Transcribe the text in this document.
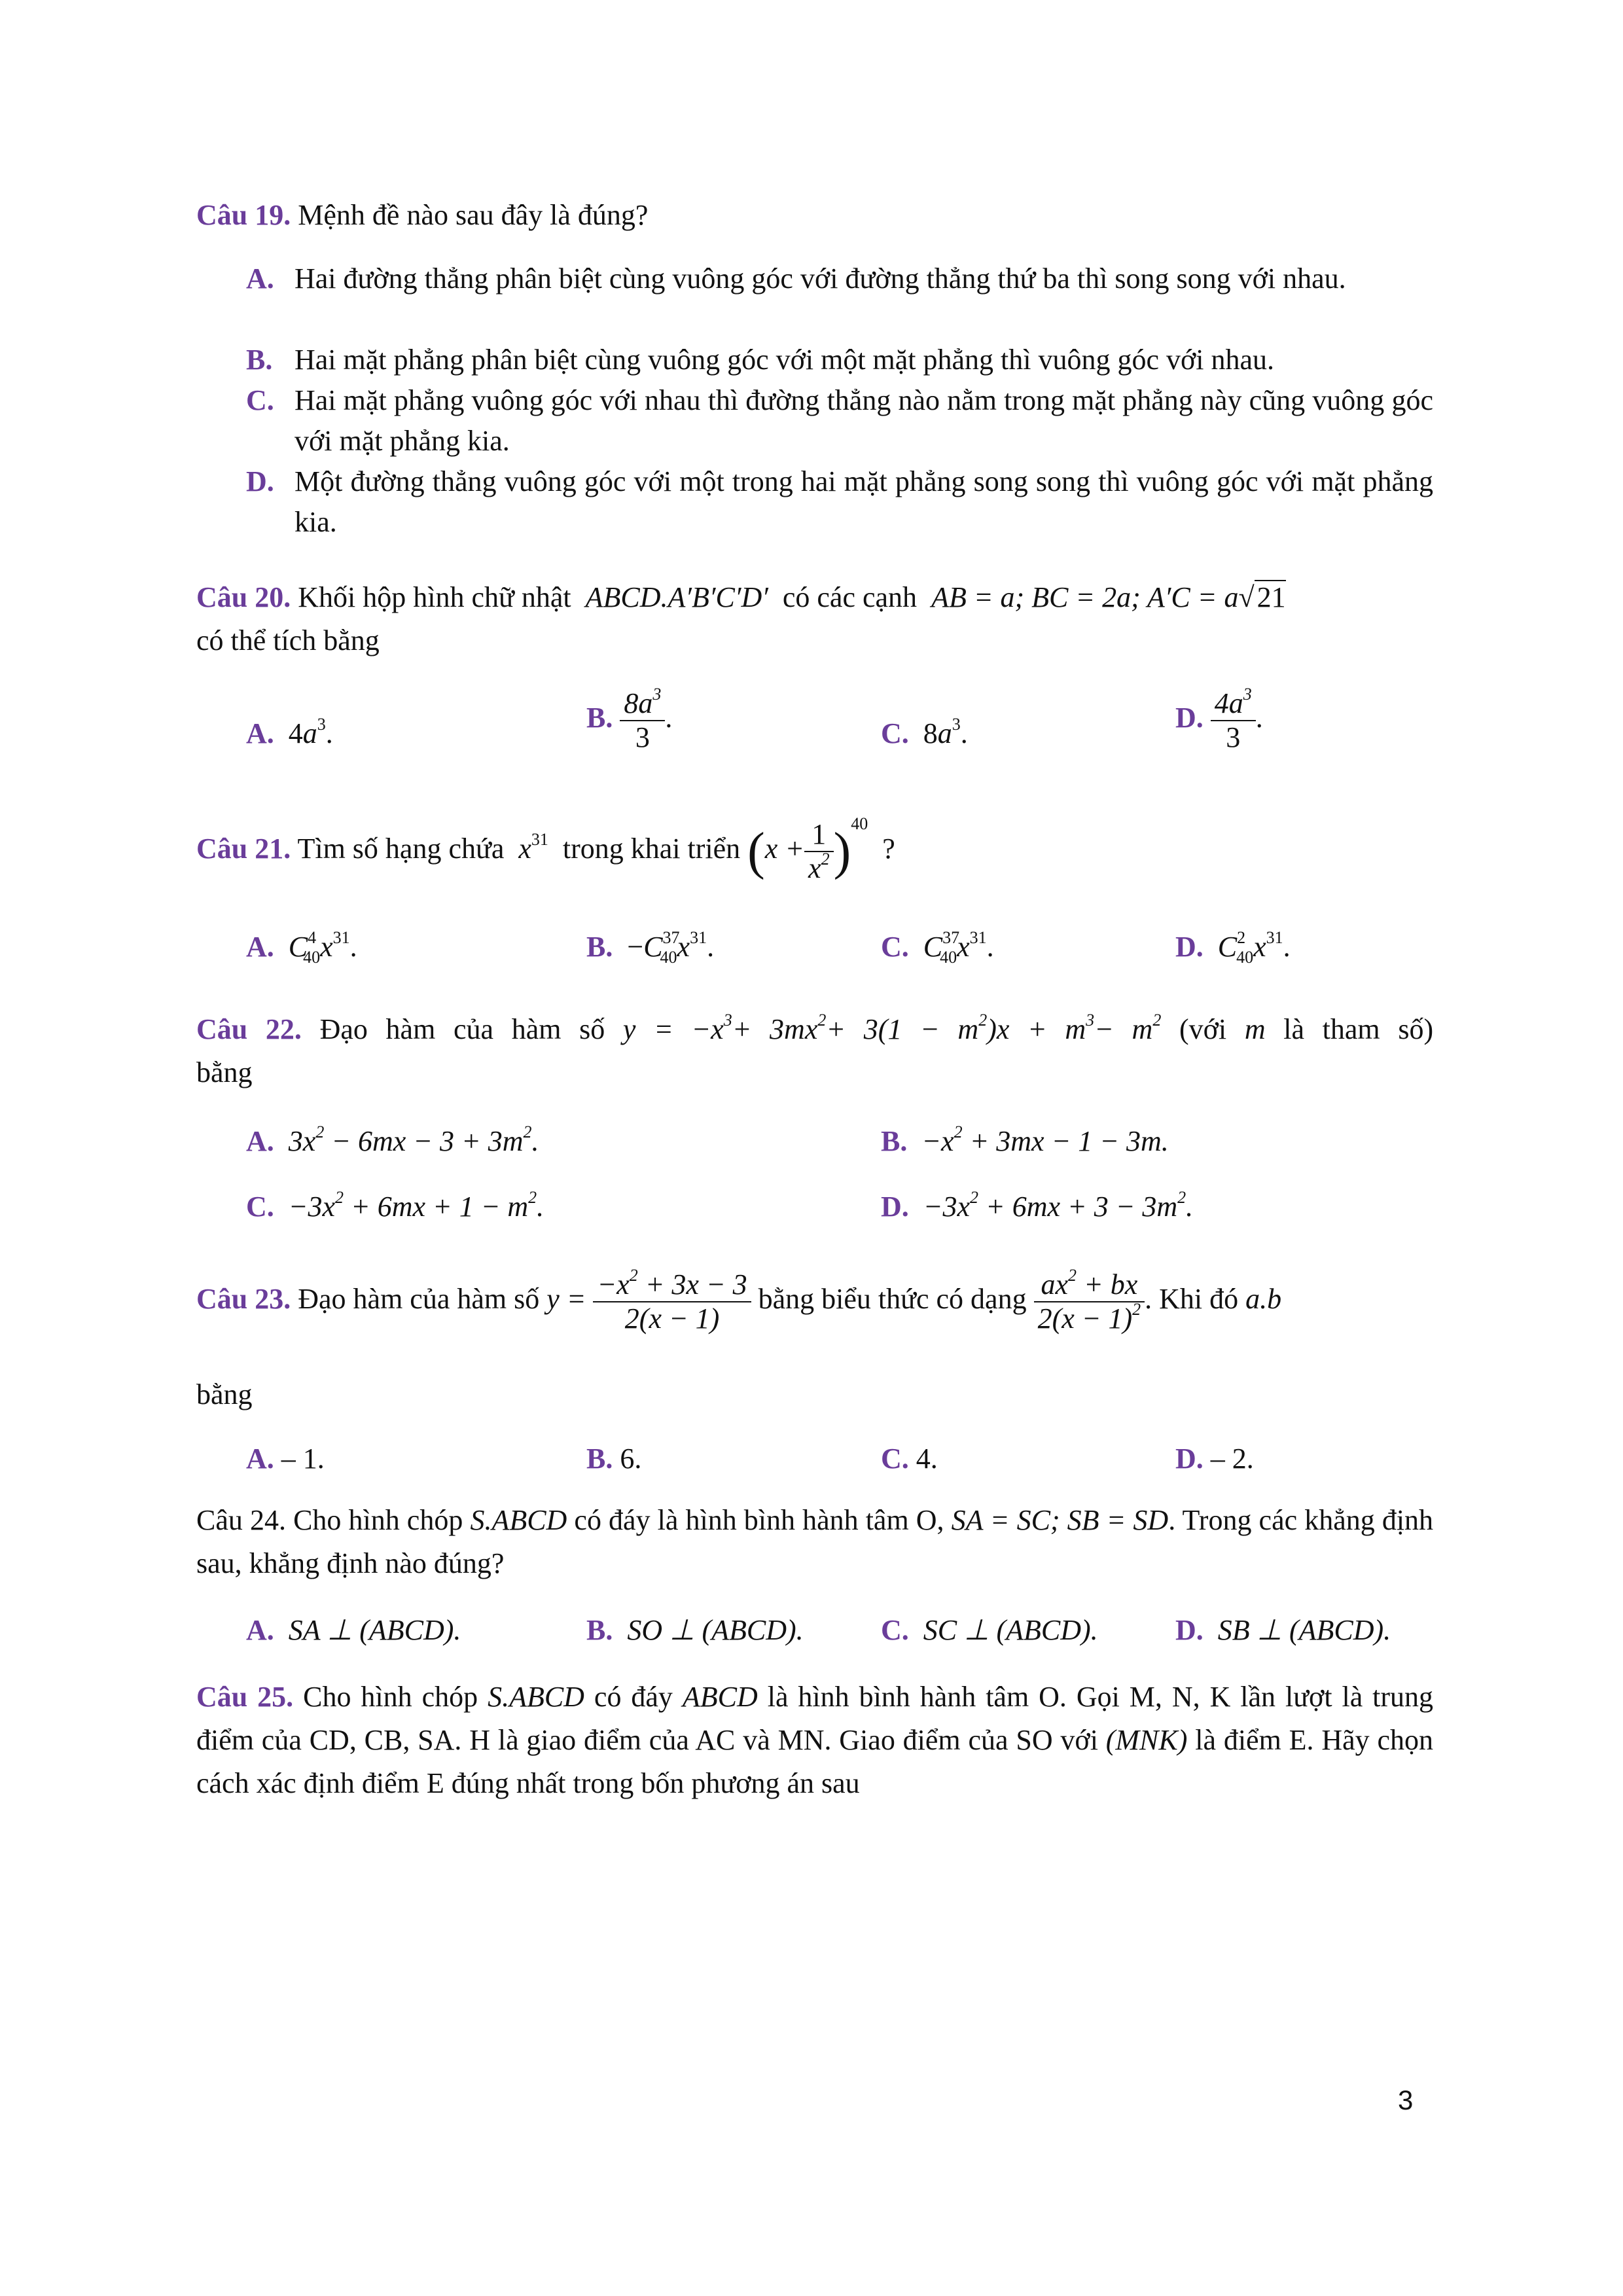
Câu 19. Mệnh đề nào sau đây là đúng?
A. Hai đường thẳng phân biệt cùng vuông góc với đường thẳng thứ ba thì song song với nhau.
B. Hai mặt phẳng phân biệt cùng vuông góc với một mặt phẳng thì vuông góc với nhau.
C. Hai mặt phẳng vuông góc với nhau thì đường thẳng nào nằm trong mặt phẳng này cũng vuông góc với mặt phẳng kia.
D. Một đường thẳng vuông góc với một trong hai mặt phẳng song song thì vuông góc với mặt phẳng kia.
Câu 20. Khối hộp hình chữ nhật ABCD.A′B′C′D′ có các cạnh AB = a; BC = 2a; A′C = a√21
có thể tích bằng
A. $4a^3$.	B. $\frac{8a^3}{3}$ .	C. $8a^3$.	D. $\frac{4a^3}{3}$ .
Câu 21. Tìm số hạng chứa $x^{31}$ trong khai triển $(x + \frac{1}{x^2} )^{40}$  ?
A. $C^4_{40}x^{31}$.	B. $-C^{37}_{40}x^{31}$.	C. $C^{37}_{40}x^{31}$.	D. $C^2_{40}x^{31}$.
Câu 22. Đạo hàm của hàm số $y = -x^3+ 3mx^2+ 3(1 - m^2)x + m^3- m^2$ (với m là tham số)
bằng
A. $3x^2 - 6mx - 3 + 3m^2$.	B. $-x^2 + 3mx - 1 - 3m$.
C. $-3x^2 + 6mx + 1 - m^2$.	D. $-3x^2 + 6mx + 3 - 3m^2$.
Câu 23. Đạo hàm của hàm số $y = \frac{-x^2 + 3x - 3}{2(x - 1)}$ bằng biểu thức có dạng $\frac{ax^2 + bx}{2(x - 1)^2}$ . Khi đó a.b
bằng
A. – 1.	B. 6.	C. 4.	D. – 2.
Câu 24. Cho hình chóp S.ABCD có đáy là hình bình hành tâm O, SA = SC; SB = SD. Trong các khẳng định sau, khẳng định nào đúng?
A. SA ⊥ (ABCD).	B. SO ⊥ (ABCD).	C. SC ⊥ (ABCD).	D. SB ⊥ (ABCD).
Câu 25. Cho hình chóp S.ABCD có đáy ABCD là hình bình hành tâm O. Gọi M, N, K lần lượt là trung điểm của CD, CB, SA. H là giao điểm của AC và MN. Giao điểm của SO với (MNK) là điểm E. Hãy chọn cách xác định điểm E đúng nhất trong bốn phương án sau
3
